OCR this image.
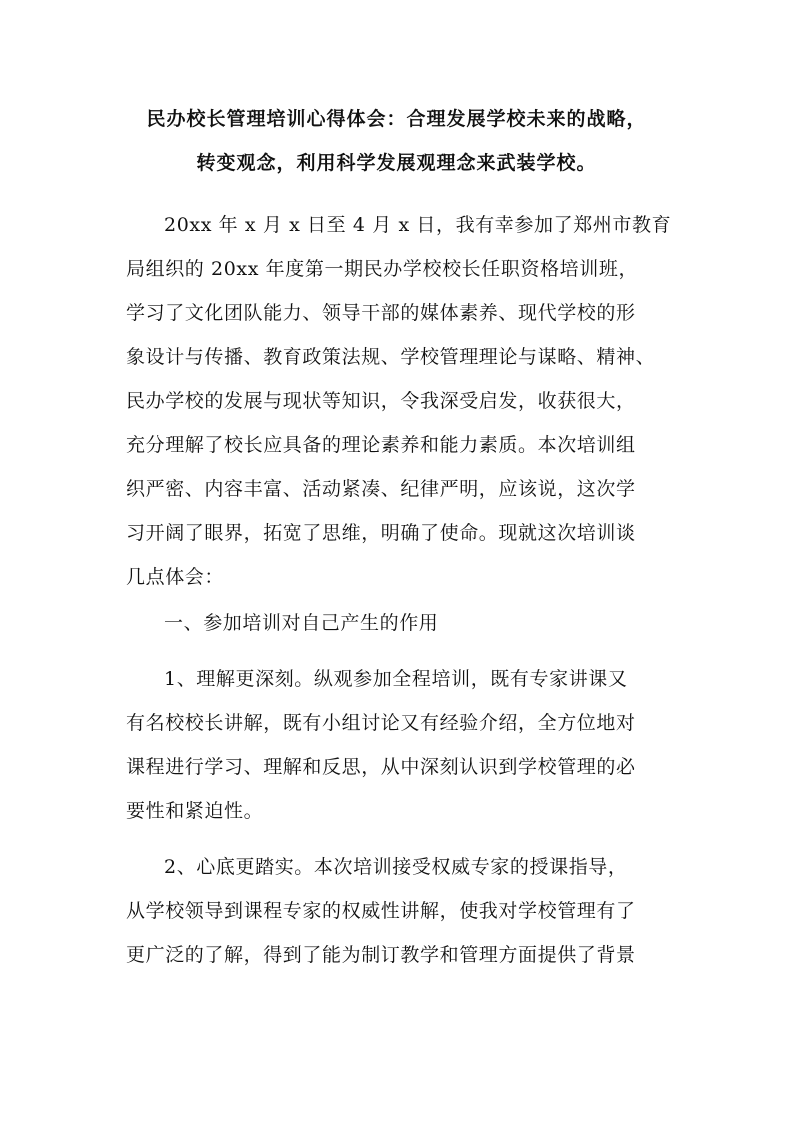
民办校长管理培训心得体会：合理发展学校未来的战略，
转变观念，利用科学发展观理念来武装学校。
20xx 年 x 月 x 日至 4 月 x 日，我有幸参加了郑州市教育
局组织的 20xx 年度第一期民办学校校长任职资格培训班，
学习了文化团队能力、领导干部的媒体素养、现代学校的形
象设计与传播、教育政策法规、学校管理理论与谋略、精神、
民办学校的发展与现状等知识，令我深受启发，收获很大，
充分理解了校长应具备的理论素养和能力素质。本次培训组
织严密、内容丰富、活动紧凑、纪律严明，应该说，这次学
习开阔了眼界，拓宽了思维，明确了使命。现就这次培训谈
几点体会：
一、参加培训对自己产生的作用
1、理解更深刻。纵观参加全程培训，既有专家讲课又
有名校校长讲解，既有小组讨论又有经验介绍，全方位地对
课程进行学习、理解和反思，从中深刻认识到学校管理的必
要性和紧迫性。
2、心底更踏实。本次培训接受权威专家的授课指导，
从学校领导到课程专家的权威性讲解，使我对学校管理有了
更广泛的了解，得到了能为制订教学和管理方面提供了背景
